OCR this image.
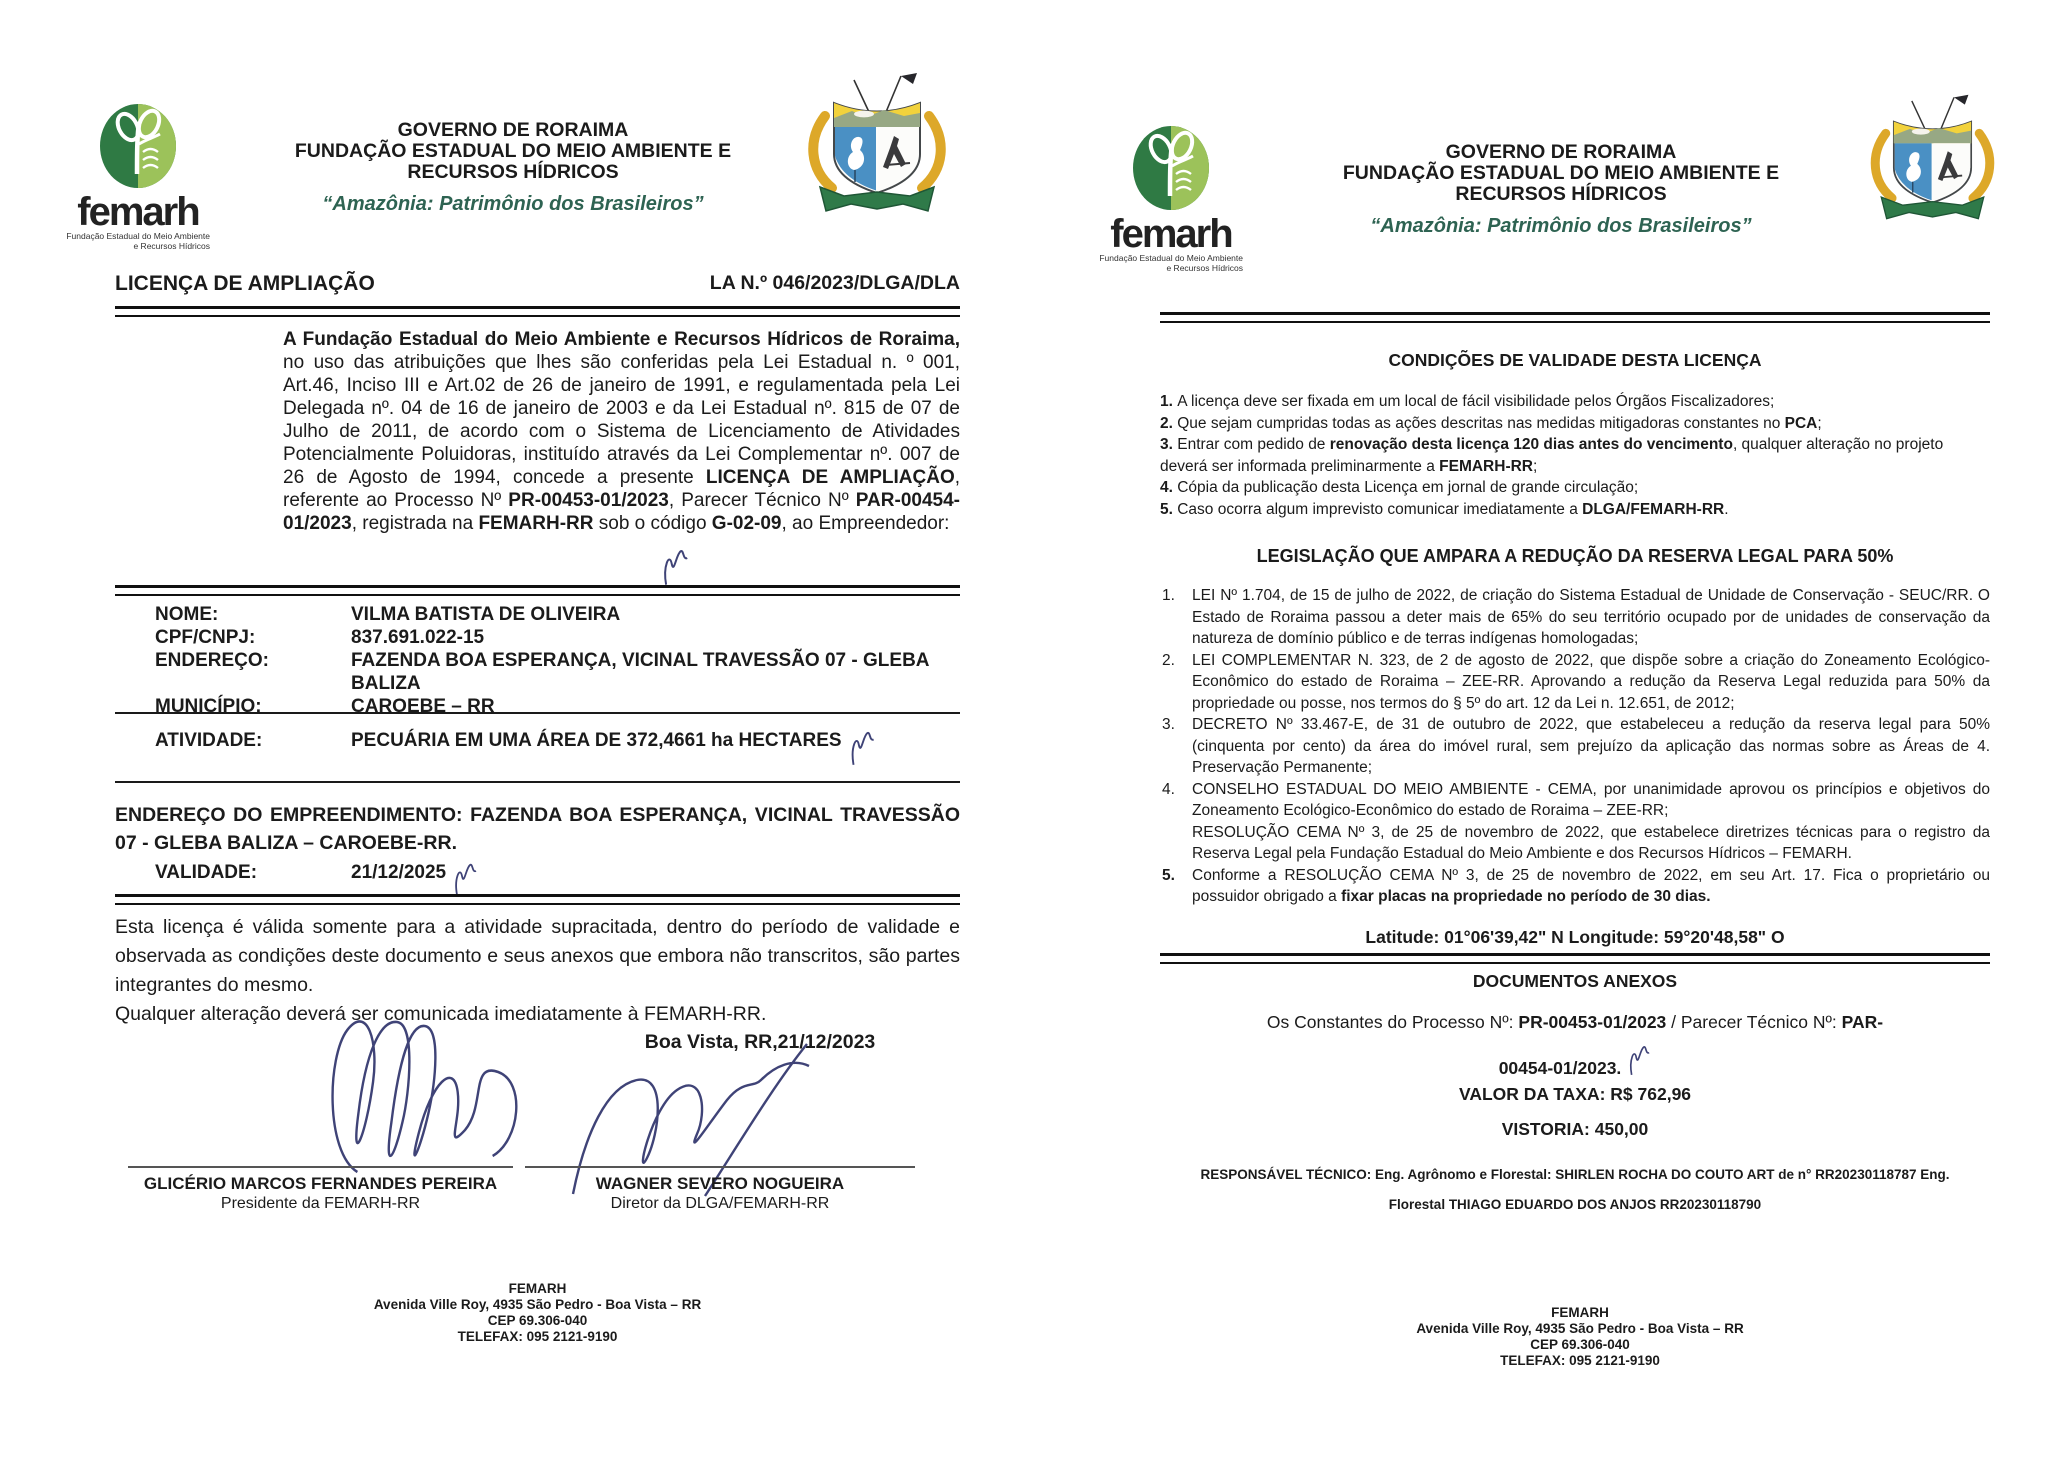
femarh
Fundação Estadual do Meio Ambiente
e Recursos Hídricos
GOVERNO DE RORAIMA
FUNDAÇÃO ESTADUAL DO MEIO AMBIENTE E
RECURSOS HÍDRICOS
“Amazônia: Patrimônio dos Brasileiros”
LICENÇA DE AMPLIAÇÃO	LA N.º 046/2023/DLGA/DLA
A Fundação Estadual do Meio Ambiente e Recursos Hídricos de Roraima, no uso das atribuições que lhes são conferidas pela Lei Estadual n. º 001, Art.46, Inciso III e Art.02 de 26 de janeiro de 1991, e regulamentada pela Lei Delegada nº. 04 de 16 de janeiro de 2003 e da Lei Estadual nº. 815 de 07 de Julho de 2011, de acordo com o Sistema de Licenciamento de Atividades Potencialmente Poluidoras, instituído através da Lei Complementar nº. 007 de 26 de Agosto de 1994, concede a presente LICENÇA DE AMPLIAÇÃO, referente ao Processo Nº PR-00453-01/2023, Parecer Técnico Nº PAR-00454-01/2023, registrada na FEMARH-RR sob o código G-02-09, ao Empreendedor:
NOME:	VILMA BATISTA DE OLIVEIRA
CPF/CNPJ:	837.691.022-15
ENDEREÇO:	FAZENDA BOA ESPERANÇA, VICINAL TRAVESSÃO 07 - GLEBA BALIZA
MUNICÍPIO:	CAROEBE – RR
ATIVIDADE:	PECUÁRIA EM UMA ÁREA DE 372,4661 ha HECTARES
ENDEREÇO DO EMPREENDIMENTO: FAZENDA BOA ESPERANÇA, VICINAL TRAVESSÃO 07 - GLEBA BALIZA – CAROEBE-RR.
VALIDADE:	21/12/2025
Esta licença é válida somente para a atividade supracitada, dentro do período de validade e observada as condições deste documento e seus anexos que embora não transcritos, são partes integrantes do mesmo.
Qualquer alteração deverá ser comunicada imediatamente à FEMARH-RR.
Boa Vista, RR,21/12/2023
GLICÉRIO MARCOS FERNANDES PEREIRA
Presidente da FEMARH-RR
WAGNER SEVERO NOGUEIRA
Diretor da DLGA/FEMARH-RR
FEMARH
Avenida Ville Roy, 4935 São Pedro - Boa Vista – RR
CEP 69.306-040
TELEFAX: 095 2121-9190
femarh
Fundação Estadual do Meio Ambiente
e Recursos Hídricos
GOVERNO DE RORAIMA
FUNDAÇÃO ESTADUAL DO MEIO AMBIENTE E
RECURSOS HÍDRICOS
“Amazônia: Patrimônio dos Brasileiros”
CONDIÇÕES DE VALIDADE DESTA LICENÇA
1. A licença deve ser fixada em um local de fácil visibilidade pelos Órgãos Fiscalizadores;
2. Que sejam cumpridas todas as ações descritas nas medidas mitigadoras constantes no PCA;
3. Entrar com pedido de renovação desta licença 120 dias antes do vencimento, qualquer alteração no projeto deverá ser informada preliminarmente a FEMARH-RR;
4. Cópia da publicação desta Licença em jornal de grande circulação;
5. Caso ocorra algum imprevisto comunicar imediatamente a DLGA/FEMARH-RR.
LEGISLAÇÃO QUE AMPARA A REDUÇÃO DA RESERVA LEGAL PARA 50%
1. LEI Nº 1.704, de 15 de julho de 2022, de criação do Sistema Estadual de Unidade de Conservação - SEUC/RR. O Estado de Roraima passou a deter mais de 65% do seu território ocupado por de unidades de conservação da natureza de domínio público e de terras indígenas homologadas;
2. LEI COMPLEMENTAR N. 323, de 2 de agosto de 2022, que dispõe sobre a criação do Zoneamento Ecológico-Econômico do estado de Roraima – ZEE-RR. Aprovando a redução da Reserva Legal reduzida para 50% da propriedade ou posse, nos termos do § 5º do art. 12 da Lei n. 12.651, de 2012;
3. DECRETO Nº 33.467-E, de 31 de outubro de 2022, que estabeleceu a redução da reserva legal para 50% (cinquenta por cento) da área do imóvel rural, sem prejuízo da aplicação das normas sobre as Áreas de 4. Preservação Permanente;
4. CONSELHO ESTADUAL DO MEIO AMBIENTE - CEMA, por unanimidade aprovou os princípios e objetivos do Zoneamento Ecológico-Econômico do estado de Roraima – ZEE-RR;
RESOLUÇÃO CEMA Nº 3, de 25 de novembro de 2022, que estabelece diretrizes técnicas para o registro da Reserva Legal pela Fundação Estadual do Meio Ambiente e dos Recursos Hídricos – FEMARH.
5. Conforme a RESOLUÇÃO CEMA Nº 3, de 25 de novembro de 2022, em seu Art. 17. Fica o proprietário ou possuidor obrigado a fixar placas na propriedade no período de 30 dias.
Latitude: 01°06'39,42" N Longitude: 59°20'48,58" O
DOCUMENTOS ANEXOS
Os Constantes do Processo Nº: PR-00453-01/2023 / Parecer Técnico Nº: PAR-
00454-01/2023.
VALOR DA TAXA: R$ 762,96
VISTORIA: 450,00
RESPONSÁVEL TÉCNICO: Eng. Agrônomo e Florestal: SHIRLEN ROCHA DO COUTO ART de n° RR20230118787 Eng.
Florestal THIAGO EDUARDO DOS ANJOS RR20230118790
FEMARH
Avenida Ville Roy, 4935 São Pedro - Boa Vista – RR
CEP 69.306-040
TELEFAX: 095 2121-9190
